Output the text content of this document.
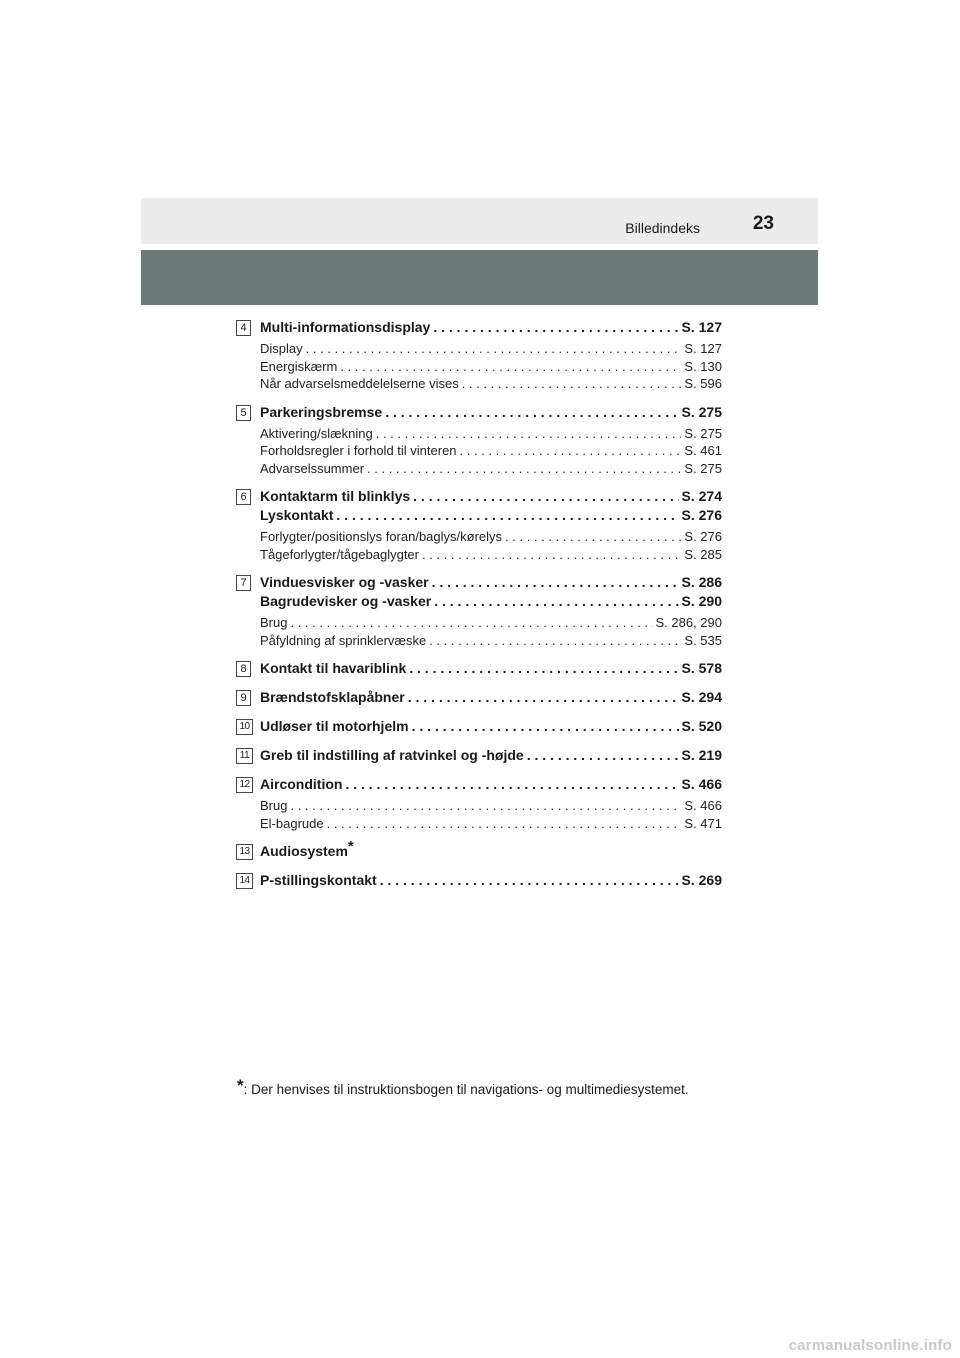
Billedindeks	23
4 Multi-informationsdisplay . . .	S. 127
Display . . .	S. 127
Energiskærm . . .	S. 130
Når advarselsmeddelelserne vises . . .	S. 596
5 Parkeringsbremse . . .	S. 275
Aktivering/slækning . . .	S. 275
Forholdsregler i forhold til vinteren . . .	S. 461
Advarselssummer . . .	S. 275
6 Kontaktarm til blinklys . . .	S. 274
Lyskontakt . . .	S. 276
Forlygter/positionslys foran/baglys/kørelys . . .	S. 276
Tågeforlygter/tågebaglygter . . .	S. 285
7 Vinduesvisker og -vasker . . .	S. 286
Bagrudevisker og -vasker . . .	S. 290
Brug . . .	S. 286, 290
Påfyldning af sprinklervæske . . .	S. 535
8 Kontakt til havariblink . . .	S. 578
9 Brændstofsklapåbner . . .	S. 294
10 Udløser til motorhjelm . . .	S. 520
11 Greb til indstilling af ratvinkel og -højde . . .	S. 219
12 Aircondition . . .	S. 466
Brug . . .	S. 466
El-bagrude . . .	S. 471
13 Audiosystem*
14 P-stillingskontakt . . .	S. 269
*: Der henvises til instruktionsbogen til navigations- og multimediesystemet.
carmanualsonline.info
